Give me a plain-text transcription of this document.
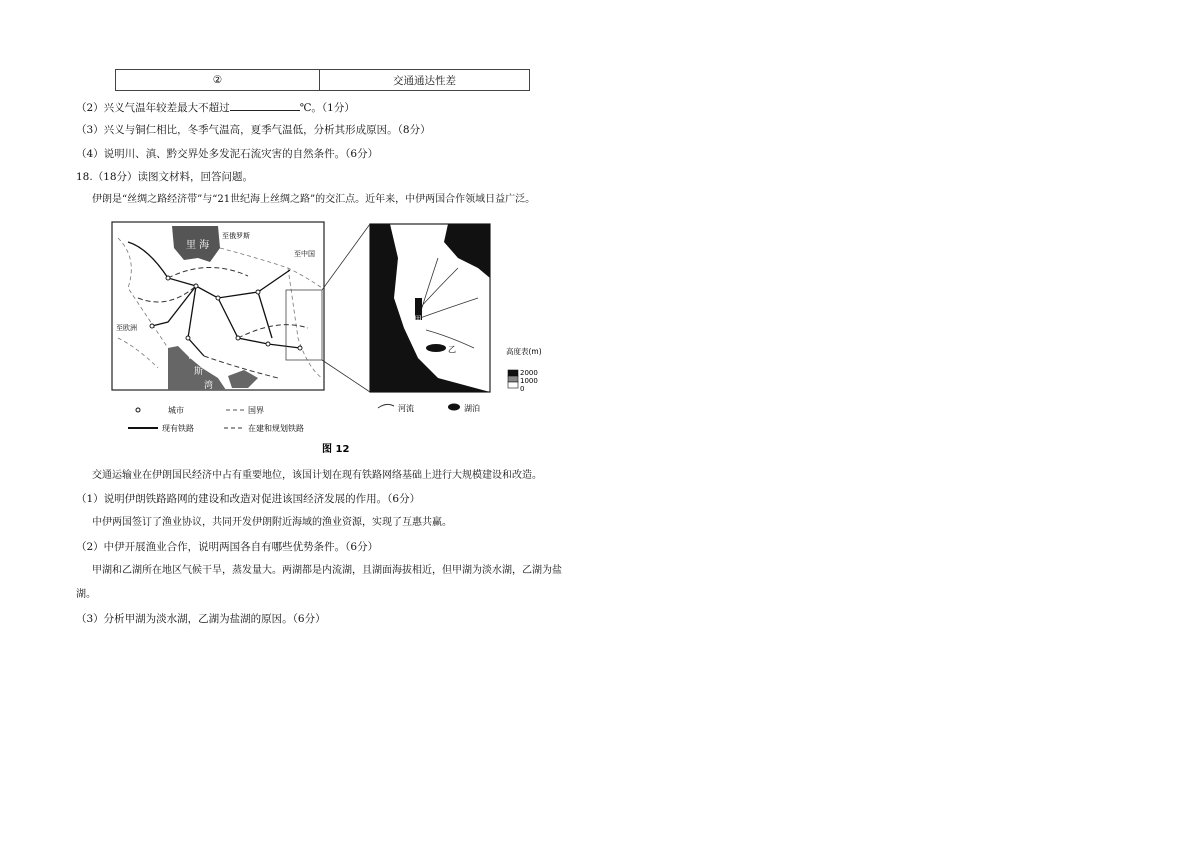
②	交通通达性差
（2）兴义气温年较差最大不超过	℃。（1分）
（3）兴义与铜仁相比，冬季气温高，夏季气温低，分析其形成原因。（8分）
（4）说明川、滇、黔交界处多发泥石流灾害的自然条件。（6分）
18.（18分）读图文材料，回答问题。
伊朗是“丝绸之路经济带”与“21世纪海上丝绸之路”的交汇点。近年来，中伊两国合作领域日益广泛。
里 海
至俄罗斯
至中国
至欧洲
波
斯
湾
甲
乙	高度表(m)
2000
1000
0
城市	国界
现有铁路	在建和规划铁路
河流	湖泊
图 12
交通运输业在伊朗国民经济中占有重要地位，该国计划在现有铁路网络基础上进行大规模建设和改造。
（1）说明伊朗铁路路网的建设和改造对促进该国经济发展的作用。（6分）
中伊两国签订了渔业协议，共同开发伊朗附近海域的渔业资源，实现了互惠共赢。
（2）中伊开展渔业合作，说明两国各自有哪些优势条件。（6分）
甲湖和乙湖所在地区气候干旱，蒸发量大。两湖都是内流湖，且湖面海拔相近，但甲湖为淡水湖，乙湖为盐
湖。
（3）分析甲湖为淡水湖，乙湖为盐湖的原因。（6分）
